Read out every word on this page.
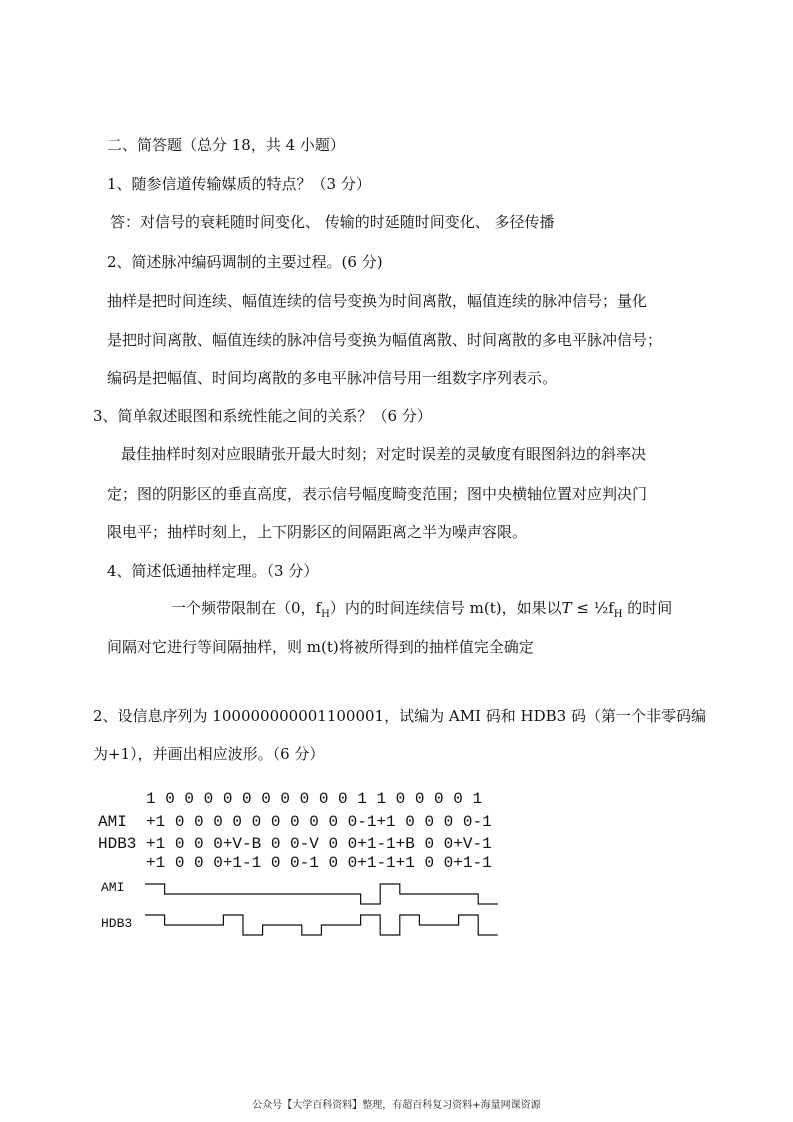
二、简答题（总分 18，共 4 小题）
1、随参信道传输媒质的特点？（3 分）
答：对信号的衰耗随时间变化、 传输的时延随时间变化、 多径传播
2、简述脉冲编码调制的主要过程。(6 分)
抽样是把时间连续、幅值连续的信号变换为时间离散，幅值连续的脉冲信号；量化
是把时间离散、幅值连续的脉冲信号变换为幅值离散、时间离散的多电平脉冲信号；
编码是把幅值、时间均离散的多电平脉冲信号用一组数字序列表示。
3、简单叙述眼图和系统性能之间的关系？（6 分）
最佳抽样时刻对应眼睛张开最大时刻；对定时误差的灵敏度有眼图斜边的斜率决
定；图的阴影区的垂直高度，表示信号幅度畸变范围；图中央横轴位置对应判决门
限电平；抽样时刻上，上下阴影区的间隔距离之半为噪声容限。
4、简述低通抽样定理。（3 分）
一个频带限制在（0，$f_H$）内的时间连续信号 m(t)，如果以$T \le \frac{1}{2}f_H$ 的时间
间隔对它进行等间隔抽样，则 m(t)将被所得到的抽样值完全确定
2、设信息序列为 100000000001100001，试编为 AMI 码和 HDB3 码（第一个非零码编
为+1），并画出相应波形。（6 分）
1 0 0 0 0 0 0 0 0 0 0 1 1 0 0 0 0 1
AMI  +1 0 0 0 0 0 0 0 0 0 0-1+1 0 0 0 0-1
HDB3 +1 0 0 0+V-B 0 0-V 0 0+1-1+B 0 0+V-1
+1 0 0 0+1-1 0 0-1 0 0+1-1+1 0 0+1-1
AMI
HDB3
公众号【大学百科资料】整理，有超百科复习资料+海量网课资源
